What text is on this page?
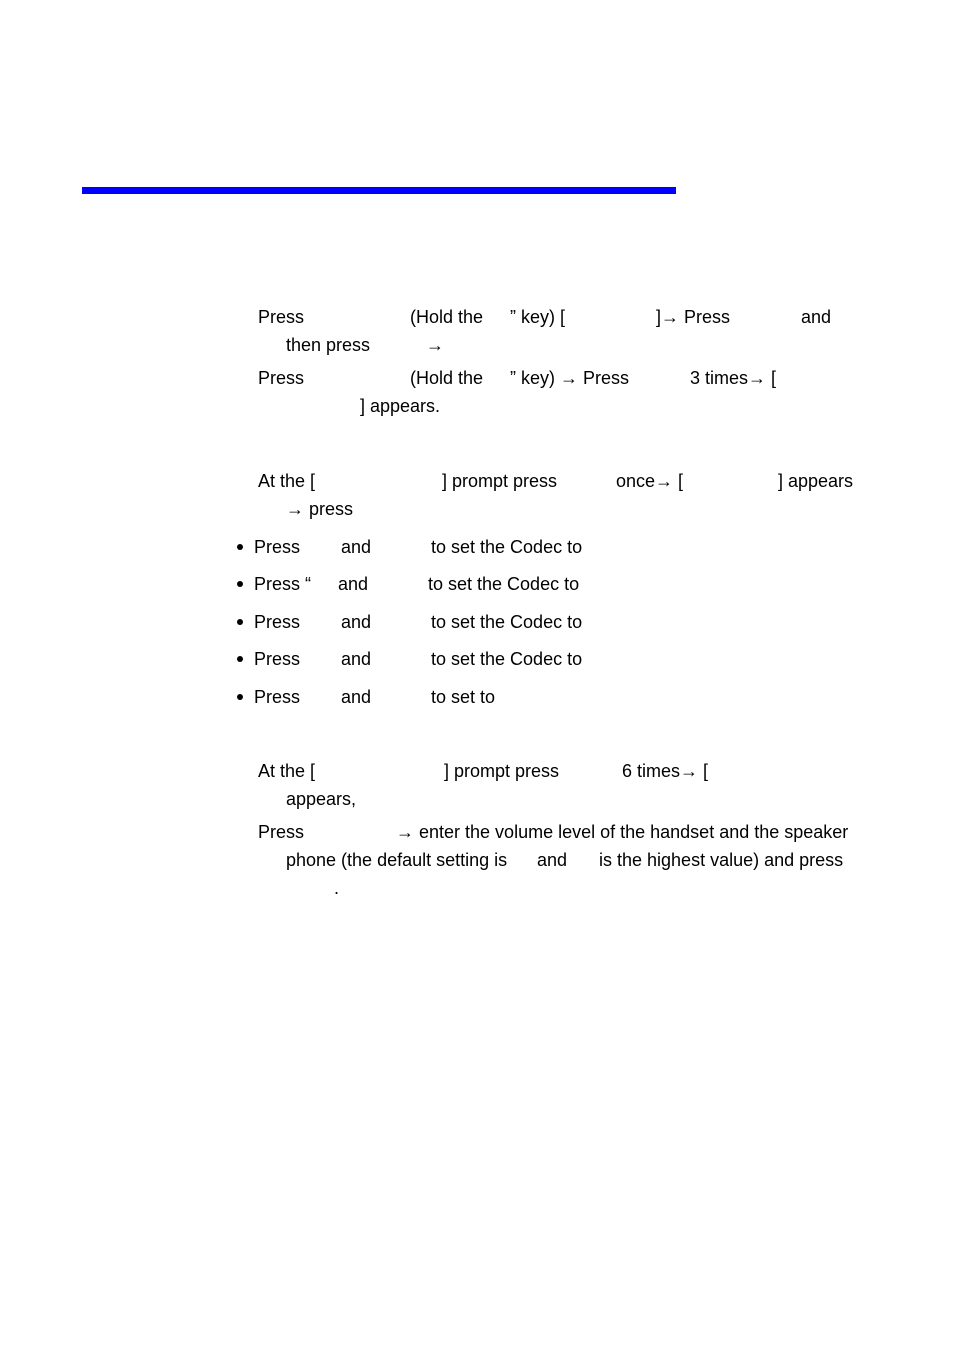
Press	(Hold the ” key) [	]→ Press	and
then press	→
Press	(Hold the ” key) → Press	3 times→ [
] appears.
At the [	] prompt press	once→ [	] appears
→ press
Press and	to set the Codec to
Press “ and	to set the Codec to
Press and	to set the Codec to
Press and	to set the Codec to
Press and	to set to
At the [	] prompt press	6 times→ [
appears,
Press	→ enter the volume level of the handset and the speaker
phone (the default setting is and is the highest value) and press
.
